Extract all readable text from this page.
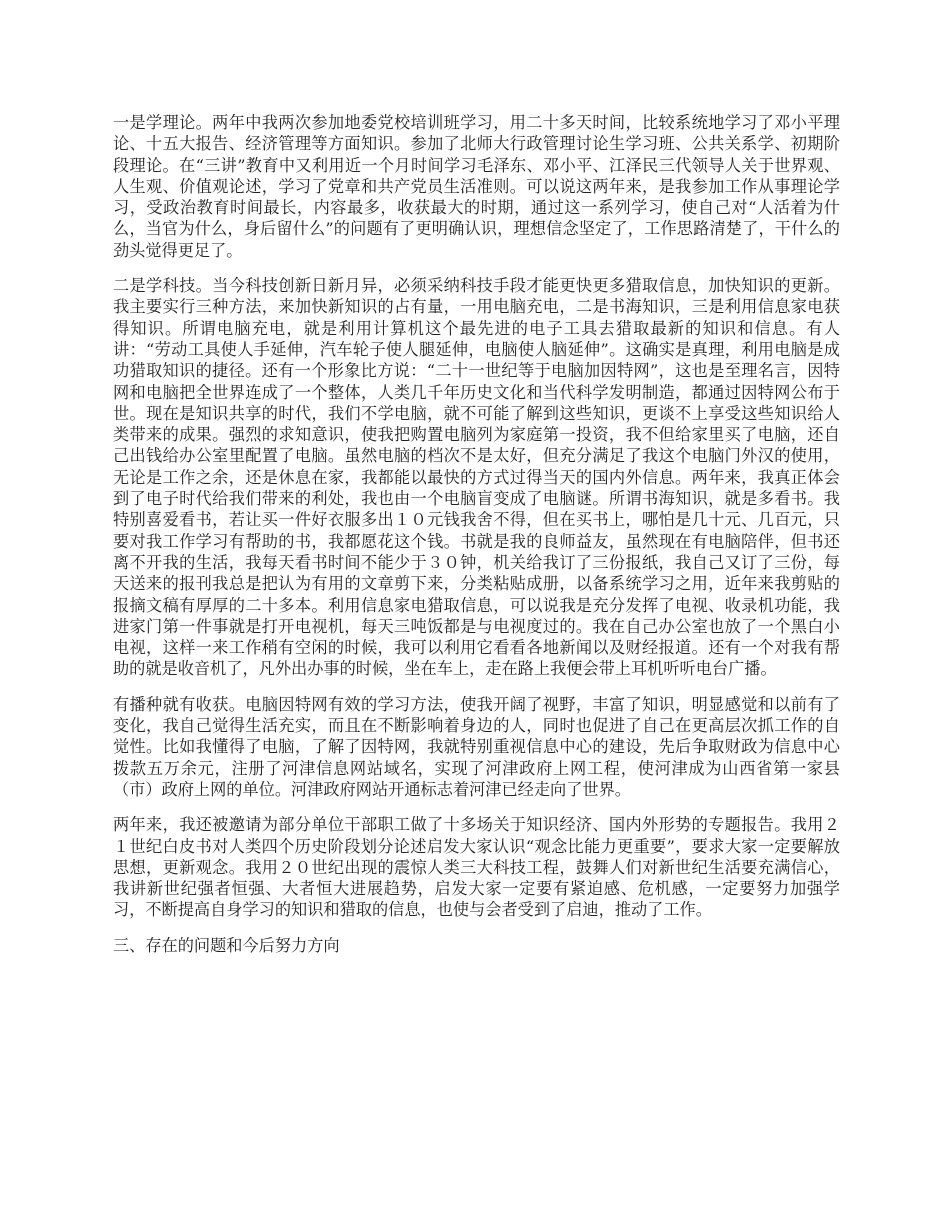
一是学理论。两年中我两次参加地委党校培训班学习，用二十多天时间，比较系统地学习了邓小平理论、十五大报告、经济管理等方面知识。参加了北师大行政管理讨论生学习班、公共关系学、初期阶段理论。在“三讲”教育中又利用近一个月时间学习毛泽东、邓小平、江泽民三代领导人关于世界观、人生观、价值观论述，学习了党章和共产党员生活准则。可以说这两年来，是我参加工作从事理论学习，受政治教育时间最长，内容最多，收获最大的时期，通过这一系列学习，使自己对“人活着为什么，当官为什么，身后留什么”的问题有了更明确认识，理想信念坚定了，工作思路清楚了，干什么的劲头觉得更足了。

二是学科技。当今科技创新日新月异，必须采纳科技手段才能更快更多猎取信息，加快知识的更新。我主要实行三种方法，来加快新知识的占有量，一用电脑充电，二是书海知识，三是利用信息家电获得知识。所谓电脑充电，就是利用计算机这个最先进的电子工具去猎取最新的知识和信息。有人讲：“劳动工具使人手延伸，汽车轮子使人腿延伸，电脑使人脑延伸”。这确实是真理，利用电脑是成功猎取知识的捷径。还有一个形象比方说：“二十一世纪等于电脑加因特网”，这也是至理名言，因特网和电脑把全世界连成了一个整体，人类几千年历史文化和当代科学发明制造，都通过因特网公布于世。现在是知识共享的时代，我们不学电脑，就不可能了解到这些知识，更谈不上享受这些知识给人类带来的成果。强烈的求知意识，使我把购置电脑列为家庭第一投资，我不但给家里买了电脑，还自己出钱给办公室里配置了电脑。虽然电脑的档次不是太好，但充分满足了我这个电脑门外汉的使用，无论是工作之余，还是休息在家，我都能以最快的方式过得当天的国内外信息。两年来，我真正体会到了电子时代给我们带来的利处，我也由一个电脑盲变成了电脑谜。所谓书海知识，就是多看书。我特别喜爱看书，若让买一件好衣服多出１０元钱我舍不得，但在买书上，哪怕是几十元、几百元，只要对我工作学习有帮助的书，我都愿花这个钱。书就是我的良师益友，虽然现在有电脑陪伴，但书还离不开我的生活，我每天看书时间不能少于３０钟，机关给我订了三份报纸，我自己又订了三份，每天送来的报刊我总是把认为有用的文章剪下来，分类粘贴成册，以备系统学习之用，近年来我剪贴的报摘文稿有厚厚的二十多本。利用信息家电猎取信息，可以说我是充分发挥了电视、收录机功能，我进家门第一件事就是打开电视机，每天三吨饭都是与电视度过的。我在自己办公室也放了一个黑白小电视，这样一来工作稍有空闲的时候，我可以利用它看看各地新闻以及财经报道。还有一个对我有帮助的就是收音机了，凡外出办事的时候，坐在车上，走在路上我便会带上耳机听听电台广播。

有播种就有收获。电脑因特网有效的学习方法，使我开阔了视野，丰富了知识，明显感觉和以前有了变化，我自己觉得生活充实，而且在不断影响着身边的人，同时也促进了自己在更高层次抓工作的自觉性。比如我懂得了电脑，了解了因特网，我就特别重视信息中心的建设，先后争取财政为信息中心拨款五万余元，注册了河津信息网站域名，实现了河津政府上网工程，使河津成为山西省第一家县（市）政府上网的单位。河津政府网站开通标志着河津已经走向了世界。

两年来，我还被邀请为部分单位干部职工做了十多场关于知识经济、国内外形势的专题报告。我用２１世纪白皮书对人类四个历史阶段划分论述启发大家认识“观念比能力更重要”，要求大家一定要解放思想，更新观念。我用２０世纪出现的震惊人类三大科技工程，鼓舞人们对新世纪生活要充满信心，我讲新世纪强者恒强、大者恒大进展趋势，启发大家一定要有紧迫感、危机感，一定要努力加强学习，不断提高自身学习的知识和猎取的信息，也使与会者受到了启迪，推动了工作。

三、存在的问题和今后努力方向
